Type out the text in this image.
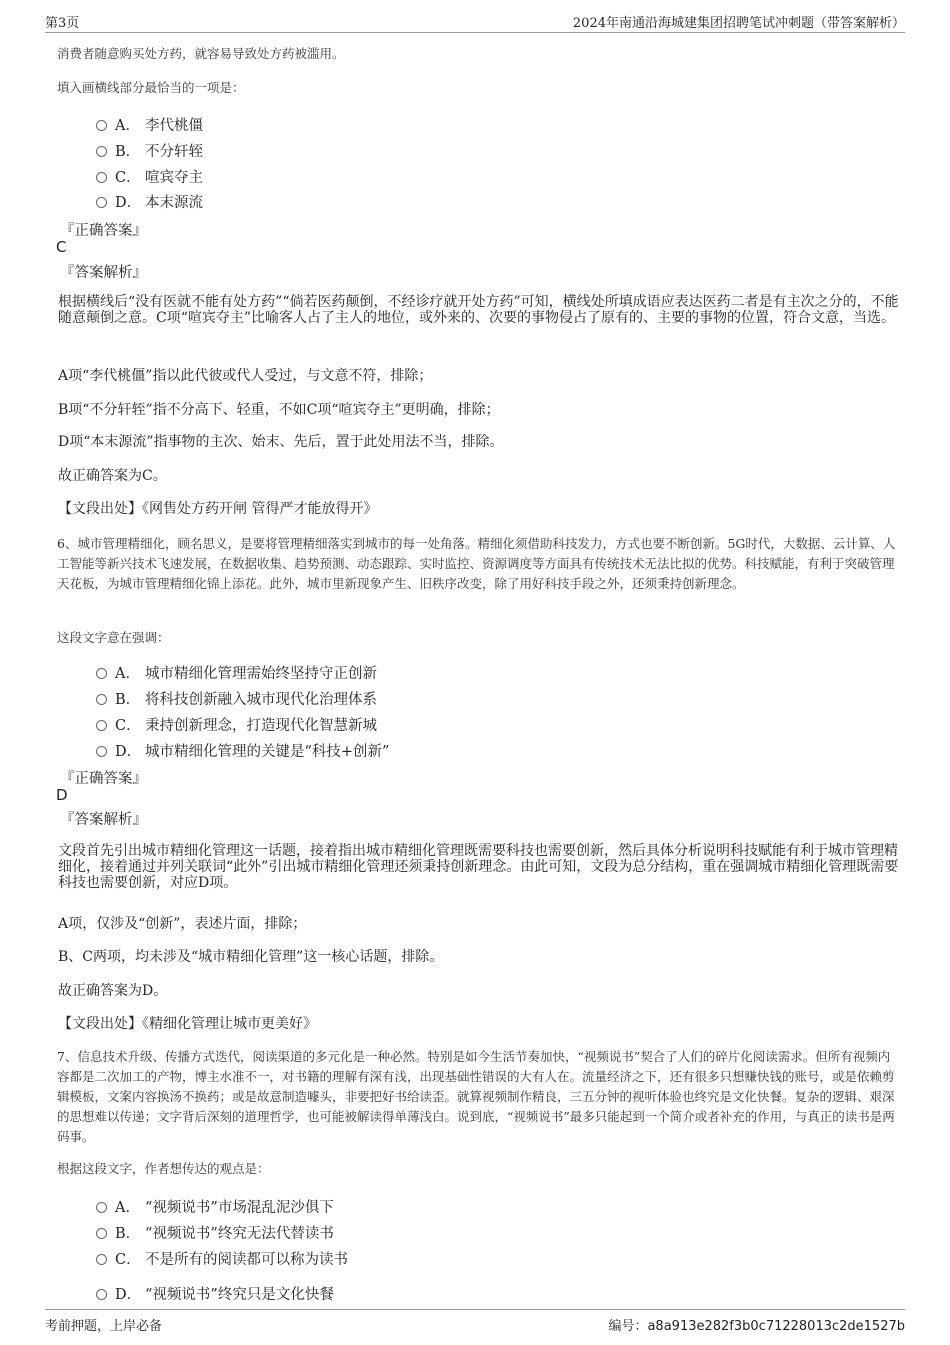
第3页	2024年南通沿海城建集团招聘笔试冲刺题（带答案解析）
消费者随意购买处方药，就容易导致处方药被滥用。
填入画横线部分最恰当的一项是：
A． 李代桃僵
B． 不分轩轾
C． 喧宾夺主
D． 本末源流
『正确答案』
C
『答案解析』
根据横线后“没有医就不能有处方药”“倘若医药颠倒，不经诊疗就开处方药”可知，横线处所填成语应表达医药二者是有主次之分的，不能随意颠倒之意。C项“喧宾夺主”比喻客人占了主人的地位，或外来的、次要的事物侵占了原有的、主要的事物的位置，符合文意，当选。
A项“李代桃僵”指以此代彼或代人受过，与文意不符，排除；
B项“不分轩轾”指不分高下、轻重，不如C项“喧宾夺主”更明确，排除；
D项“本末源流”指事物的主次、始末、先后，置于此处用法不当，排除。
故正确答案为C。
【文段出处】《网售处方药开闸 管得严才能放得开》
6、城市管理精细化，顾名思义，是要将管理精细落实到城市的每一处角落。精细化须借助科技发力，方式也要不断创新。5G时代，大数据、云计算、人工智能等新兴技术飞速发展，在数据收集、趋势预测、动态跟踪、实时监控、资源调度等方面具有传统技术无法比拟的优势。科技赋能，有利于突破管理天花板，为城市管理精细化锦上添花。此外，城市里新现象产生、旧秩序改变，除了用好科技手段之外，还须秉持创新理念。
这段文字意在强调：
A． 城市精细化管理需始终坚持守正创新
B． 将科技创新融入城市现代化治理体系
C． 秉持创新理念，打造现代化智慧新城
D． 城市精细化管理的关键是“科技+创新”
『正确答案』
D
『答案解析』
文段首先引出城市精细化管理这一话题，接着指出城市精细化管理既需要科技也需要创新，然后具体分析说明科技赋能有利于城市管理精细化，接着通过并列关联词“此外”引出城市精细化管理还须秉持创新理念。由此可知，文段为总分结构，重在强调城市精细化管理既需要科技也需要创新，对应D项。
A项，仅涉及“创新”，表述片面，排除；
B、C两项，均未涉及“城市精细化管理”这一核心话题，排除。
故正确答案为D。
【文段出处】《精细化管理让城市更美好》
7、信息技术升级、传播方式迭代，阅读渠道的多元化是一种必然。特别是如今生活节奏加快，“视频说书”契合了人们的碎片化阅读需求。但所有视频内容都是二次加工的产物，博主水准不一，对书籍的理解有深有浅，出现基础性错误的大有人在。流量经济之下，还有很多只想赚快钱的账号，或是依赖剪辑模板，文案内容换汤不换药；或是故意制造噱头，非要把好书给读歪。就算视频制作精良，三五分钟的视听体验也终究是文化快餐。复杂的逻辑、艰深的思想难以传递；文字背后深刻的道理哲学，也可能被解读得单薄浅白。说到底，“视频说书”最多只能起到一个简介或者补充的作用，与真正的读书是两码事。
根据这段文字，作者想传达的观点是：
A． “视频说书”市场混乱泥沙俱下
B． “视频说书”终究无法代替读书
C． 不是所有的阅读都可以称为读书
D． “视频说书”终究只是文化快餐
考前押题，上岸必备	编号：a8a913e282f3b0c71228013c2de1527b
